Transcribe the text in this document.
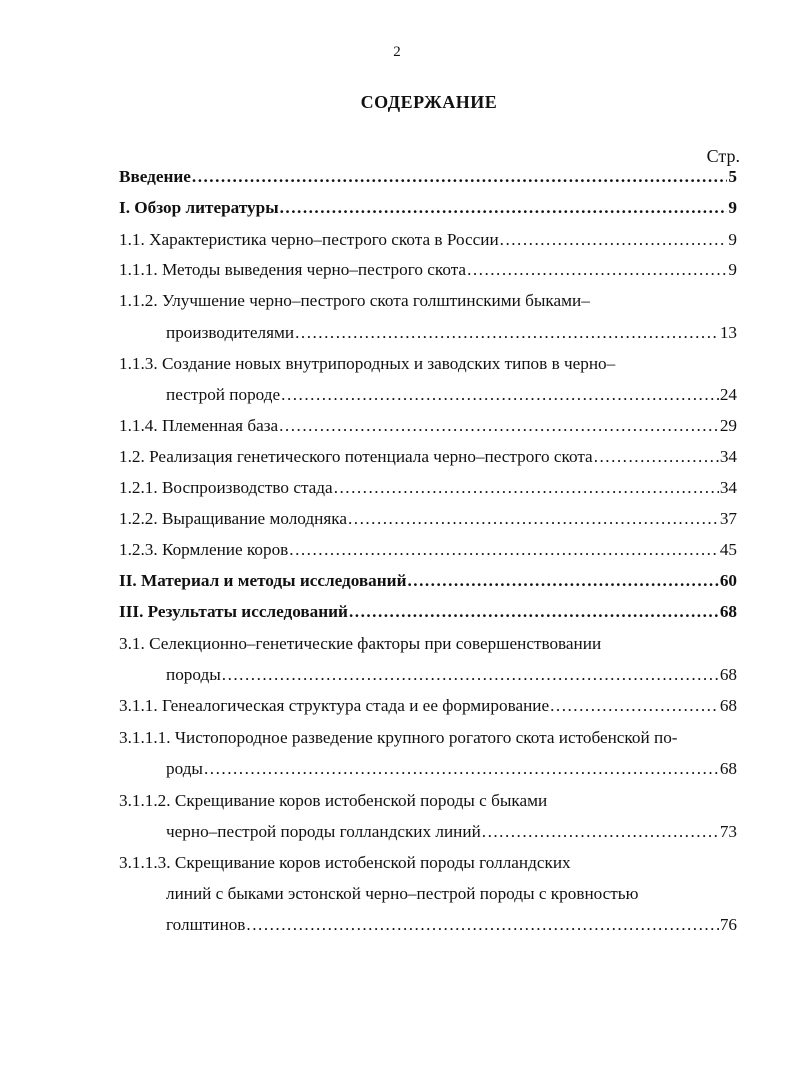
2
СОДЕРЖАНИЕ
Стр.
Введение .....	5
I. Обзор литературы .....	9
1.1. Характеристика черно–пестрого скота в России .....	9
1.1.1. Методы выведения черно–пестрого скота .....	9
1.1.2. Улучшение черно–пестрого скота голштинскими быками–
производителями .....	13
1.1.3. Создание новых внутрипородных и заводских типов в черно–
пестрой породе .....	24
1.1.4. Племенная база .....	29
1.2. Реализация генетического потенциала черно–пестрого скота .....	34
1.2.1. Воспроизводство стада .....	34
1.2.2. Выращивание молодняка .....	37
1.2.3. Кормление коров .....	45
II. Материал и методы исследований .....	60
III. Результаты исследований .....	68
3.1. Селекционно–генетические факторы при совершенствовании
породы .....	68
3.1.1. Генеалогическая структура стада и ее формирование .....	68
3.1.1.1. Чистопородное разведение крупного рогатого скота истобенской по-
роды .....	68
3.1.1.2. Скрещивание коров истобенской породы с быками
черно–пестрой породы голландских линий .....	73
3.1.1.3. Скрещивание коров истобенской породы голландских
линий с быками эстонской черно–пестрой породы с кровностью
голштинов .....	76
